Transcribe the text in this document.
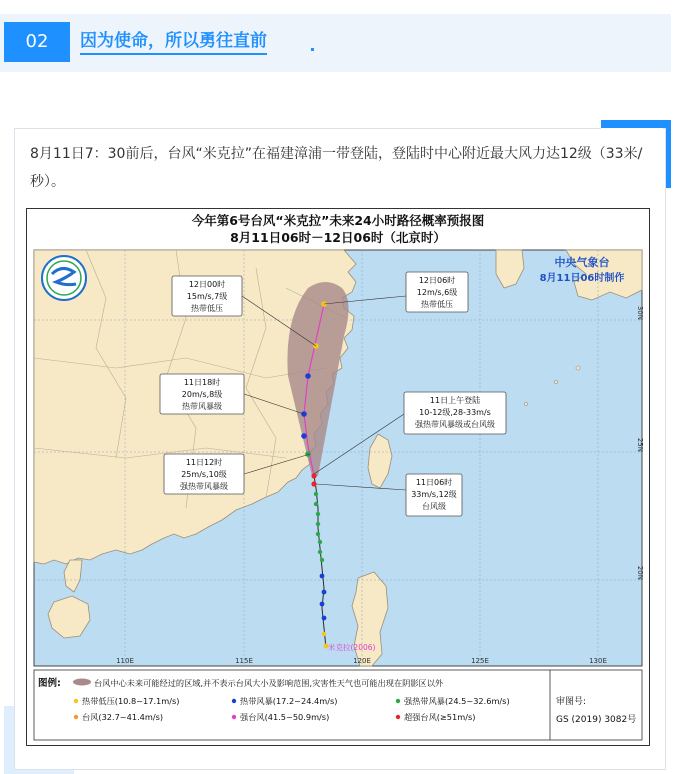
02	因为使命，所以勇往直前
8月11日7：30前后，台风“米克拉”在福建漳浦一带登陆，登陆时中心附近最大风力达12级（33米/秒）。
今年第6号台风“米克拉”未来24小时路径概率预报图
8月11日06时－12日06时（北京时）
30N
25N
20N
110E	115E	120E	125E	130E
中央气象台
8月11日06时制作
米克拉(2006)
12日00时
15m/s,7级
热带低压
12日06时
12m/s,6级
热带低压
11日18时
20m/s,8级
热带风暴级
11日上午登陆
10-12级,28-33m/s
强热带风暴级或台风级
11日12时
25m/s,10级
强热带风暴级	11日06时
33m/s,12级
台风级
图例:	台风中心未来可能经过的区域,并不表示台风大小及影响范围,灾害性天气也可能出现在阴影区以外
热带低压(10.8~17.1m/s)	热带风暴(17.2~24.4m/s)	强热带风暴(24.5~32.6m/s)
台风(32.7~41.4m/s)	强台风(41.5~50.9m/s)	超强台风(≥51m/s)
审图号:
GS (2019) 3082号
